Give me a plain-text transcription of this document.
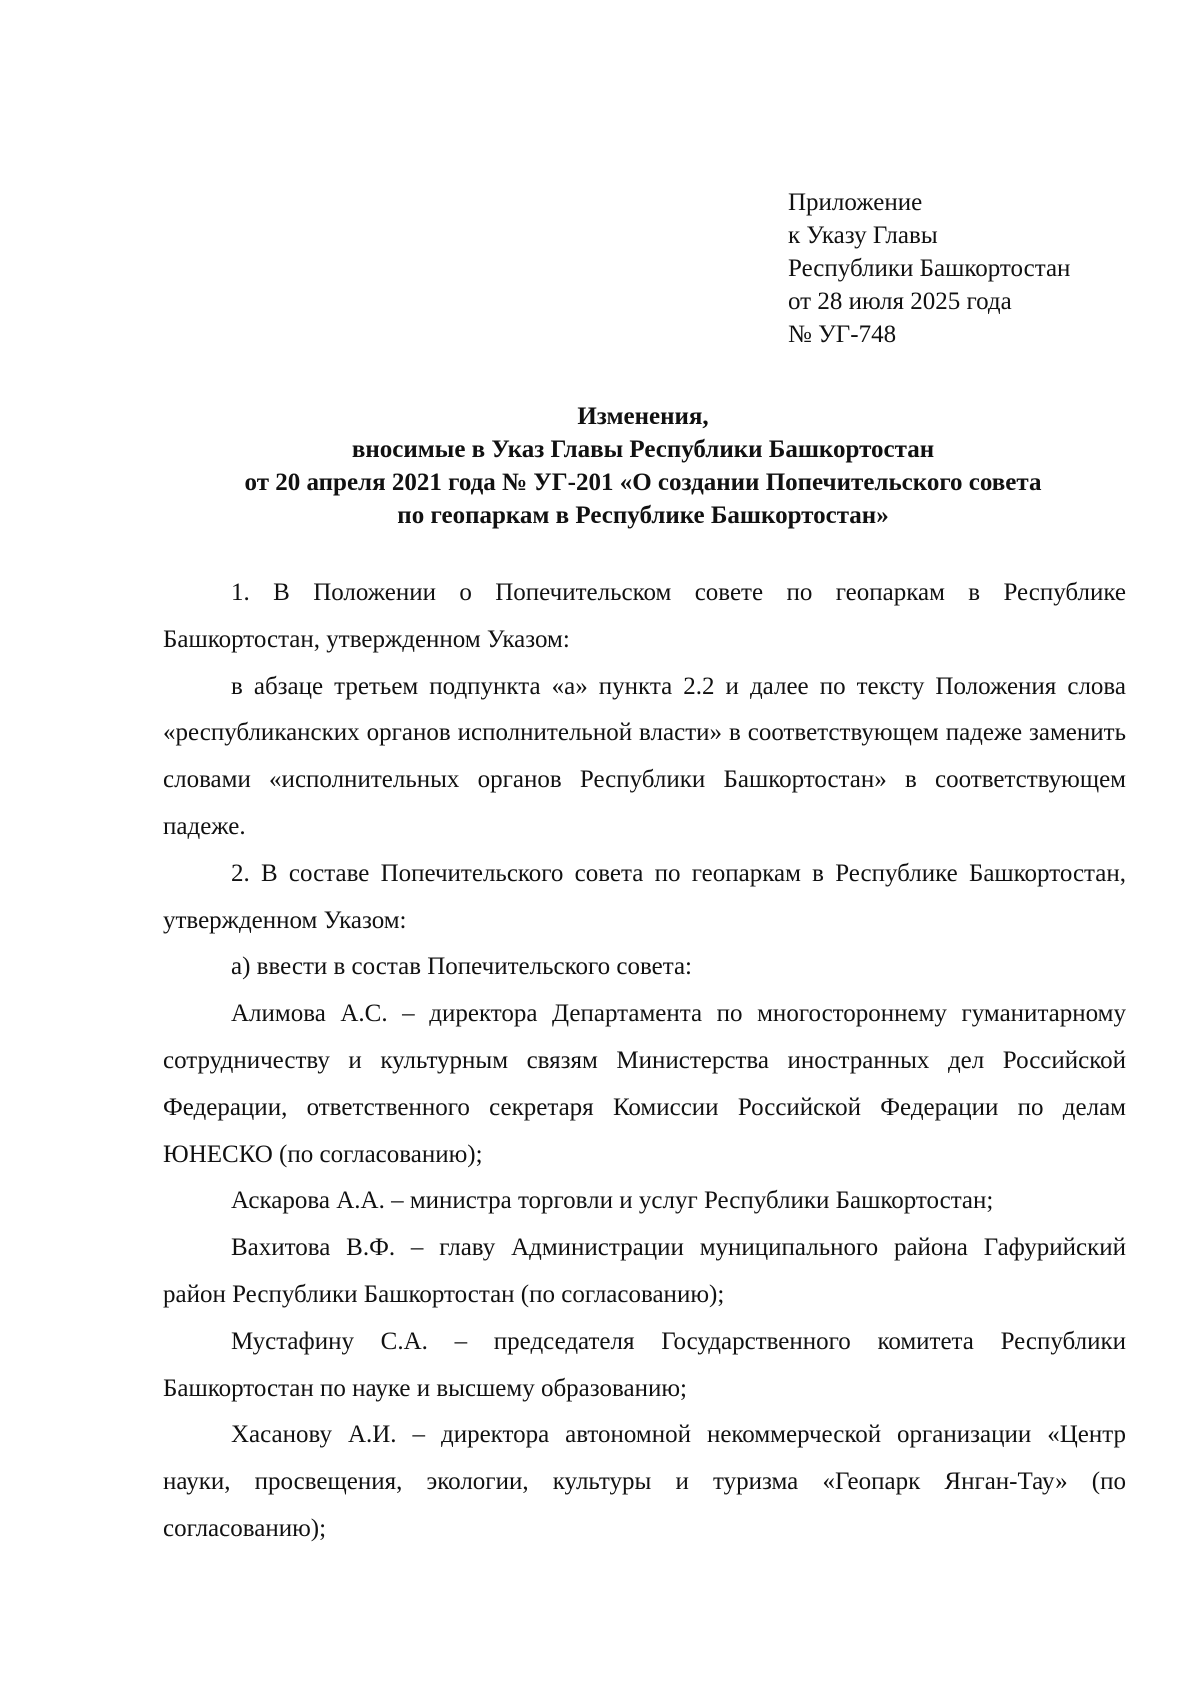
Приложение
к Указу Главы
Республики Башкортостан
от 28 июля 2025 года
№ УГ-748
Изменения,
вносимые в Указ Главы Республики Башкортостан
от 20 апреля 2021 года № УГ-201 «О создании Попечительского совета
по геопаркам в Республике Башкортостан»

1. В Положении о Попечительском совете по геопаркам в Республике Башкортостан, утвержденном Указом:

в абзаце третьем подпункта «а» пункта 2.2 и далее по тексту Положения слова «республиканских органов исполнительной власти» в соответствующем падеже заменить словами «исполнительных органов Республики Башкортостан» в соответствующем падеже.

2. В составе Попечительского совета по геопаркам в Республике Башкортостан, утвержденном Указом:

а) ввести в состав Попечительского совета:

Алимова А.С. – директора Департамента по многостороннему гуманитарному сотрудничеству и культурным связям Министерства иностранных дел Российской Федерации, ответственного секретаря Комиссии Российской Федерации по делам ЮНЕСКО (по согласованию);

Аскарова А.А. – министра торговли и услуг Республики Башкортостан;

Вахитова В.Ф. – главу Администрации муниципального района Гафурийский район Республики Башкортостан (по согласованию);

Мустафину С.А. – председателя Государственного комитета Республики Башкортостан по науке и высшему образованию;

Хасанову А.И. – директора автономной некоммерческой организации «Центр науки, просвещения, экологии, культуры и туризма «Геопарк Янган-Тау» (по согласованию);
